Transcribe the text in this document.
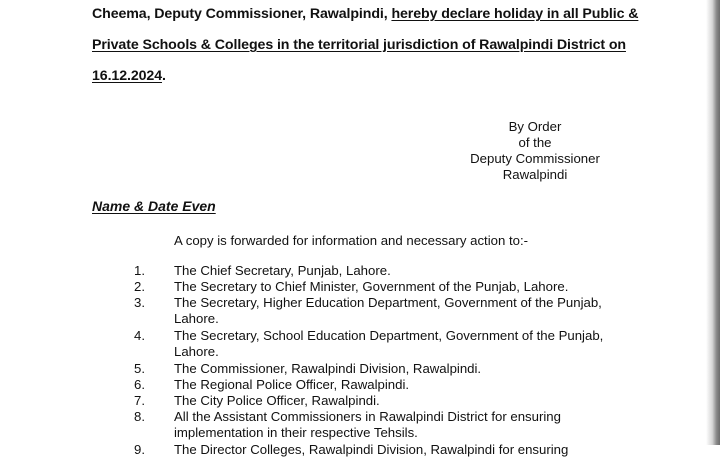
Cheema, Deputy Commissioner, Rawalpindi, hereby declare holiday in all Public &
Private Schools & Colleges in the territorial jurisdiction of Rawalpindi District on
16.12.2024.
By Order
of the
Deputy Commissioner
Rawalpindi
Name & Date Even
A copy is forwarded for information and necessary action to:-
1.	The Chief Secretary, Punjab, Lahore.
2.	The Secretary to Chief Minister, Government of the Punjab, Lahore.
3.	The Secretary, Higher Education Department, Government of the Punjab, Lahore.
4.	The Secretary, School Education Department, Government of the Punjab, Lahore.
5.	The Commissioner, Rawalpindi Division, Rawalpindi.
6.	The Regional Police Officer, Rawalpindi.
7.	The City Police Officer, Rawalpindi.
8.	All the Assistant Commissioners in Rawalpindi District for ensuring implementation in their respective Tehsils.
9.	The Director Colleges, Rawalpindi Division, Rawalpindi for ensuring
